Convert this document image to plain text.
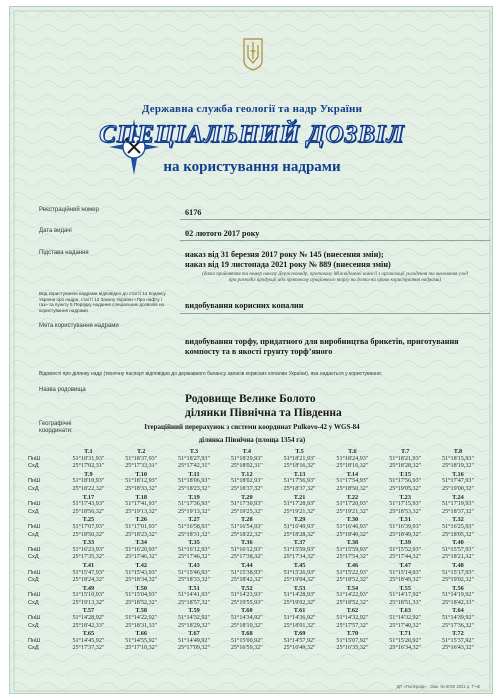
Державна служба геології та надр України
СПЕЦІАЛЬНИЙ ДОЗВІЛ
на користування надрами
Реєстраційний номер	6176
Дата видачі	02 лютого 2017 року
Підстава надання	наказ від 31 березня 2017 року № 145 (внесення змін);
наказ від 19 листопада 2021 року № 889 (внесення змін)
(дата прийняття та номер наказу Держгеонадр, протоколу Міжвідомчої комісії з організації укладення та виконання угод про розподіл продукції або протоколу аукціонного торгу на дозвіл на право користування надрами)
Вид користування надрами відповідно до статті 14 Кодексу України про надра, статті 13 Закону України «Про нафту і газ» та пункту 5 Порядку надання спеціальних дозволів на користування надрами	видобування корисних копалин
Мета користування надрами
видобування торфу, придатного для виробництва брикетів, приготування компосту та в якості грунту торф’яного
Відомості про ділянку надр (технічну паспорт відповідно до державного балансу запасів корисних копалин України), яка надається у користування:
Назва родовища
Родовище Велике Болото
ділянки Північна та Південна
Географічні координати:	Ітераційний перерахунок з системи координат Pulkovo-42 у WGS-84
ділянка Північна (площа 1354 га)
	T.1	T.2	T.3	T.4	T.5	T.6	T.7	T.8
ПнШ	51°18'31,93"	51°18'37,93"	51°18'27,93"	51°18'29,93"	51°18'21,93"	51°18'24,93"	51°18'21,93"	51°18'15,93"
СхД	25°17'02,31"	25°17'33,31"	25°17'42,31"	25°18'02,31"	25°18'16,32"	25°18'16,32"	25°18'28,32"	25°18'19,32"
	T.9	T.10	T.11	T.12	T.13	T.14	T.15	T.16
ПнШ	51°18'10,93"	51°18'12,93"	51°18'06,93"	51°18'02,93"	51°17'56,93"	51°17'54,93"	51°17'56,93"	51°17'47,93"
СхД	25°18'22,32"	25°18'33,32"	25°18'23,32"	25°18'37,32"	25°18'37,32"	25°18'50,32"	25°19'05,32"	25°19'00,32"
	T.17	T.18	T.19	T.20	T.21	T.22	T.23	T.24
ПнШ	51°17'43,93"	51°17'41,93"	51°17'36,93"	51°17'30,93"	51°17'28,93"	51°17'20,93"	51°17'15,93"	51°17'19,93"
СхД	25°18'56,32"	25°19'13,32"	25°19'13,32"	25°19'25,32"	25°19'21,32"	25°19'21,32"	25°18'53,32"	25°18'37,32"
	T.25	T.26	T.27	T.28	T.29	T.30	T.31	T.32
ПнШ	51°17'07,93"	51°17'01,93"	51°16'58,93"	51°16'54,93"	51°16'49,93"	51°16'46,93"	51°16'39,93"	51°16'25,93"
СхД	25°18'50,32"	25°18'23,32"	25°18'31,32"	25°18'22,32"	25°18'28,32"	25°18'40,32"	25°18'49,32"	25°18'05,32"
	T.33	T.34	T.35	T.36	T.37	T.38	T.39	T.40
ПнШ	51°16'23,93"	51°16'20,93"	51°16'12,93"	51°16'12,93"	51°15'59,93"	51°15'59,93"	51°15'52,93"	51°15'57,93"
СхД	25°17'35,32"	25°17'46,32"	25°17'46,32"	25°17'38,32"	25°17'34,32"	25°17'54,32"	25°17'44,32"	25°18'21,32"
	T.41	T.42	T.43	T.44	T.45	T.46	T.47	T.48
ПнШ	51°15'47,93"	51°15'43,93"	51°15'46,93"	51°15'38,93"	51°15'26,93"	51°15'22,93"	51°15'14,93"	51°15'17,93"
СхД	25°18'24,32"	25°18'34,32"	25°18'33,32"	25°18'42,32"	25°19'04,32"	25°18'52,32"	25°18'49,32"	25°19'02,32"
	T.49	T.50	T.51	T.52	T.53	T.54	T.55	T.56
ПнШ	51°15'10,93"	51°15'04,93"	51°14'41,93"	51°14'23,93"	51°14'28,93"	51°14'22,93"	51°14'17,92"	51°14'19,92"
СхД	25°19'13,32"	25°18'52,32"	25°18'57,32"	25°19'55,93"	25°19'02,32"	25°18'52,32"	25°18'51,33"	25°18'42,33"
	T.57	T.58	T.59	T.60	T.61	T.62	T.63	T.64
ПнШ	51°14'28,92"	51°14'22,92"	51°14'32,92"	51°14'34,92"	51°14'36,92"	51°14'32,92"	51°14'32,92"	51°14'39,92"
СхД	25°18'42,33"	25°18'31,33"	25°18'29,32"	25°18'10,32"	25°18'01,32"	25°17'57,32"	25°17'40,32"	25°17'36,32"
	T.65	T.66	T.67	T.68	T.69	T.70	T.71	T.72
ПнШ	51°14'45,92"	51°14'55,92"	51°14'49,92"	51°15'00,92"	51°14'57,92"	51°15'07,92"	51°15'20,92"	51°15'37,92"
СхД	25°17'37,32"	25°17'10,32"	25°17'09,32"	25°16'59,32"	25°16'49,32"	25°16'35,32"	25°16'34,32"	25°16'43,32"
ДП «Поліграф» · Зам. № 0000 2021 р. Т-ч6
